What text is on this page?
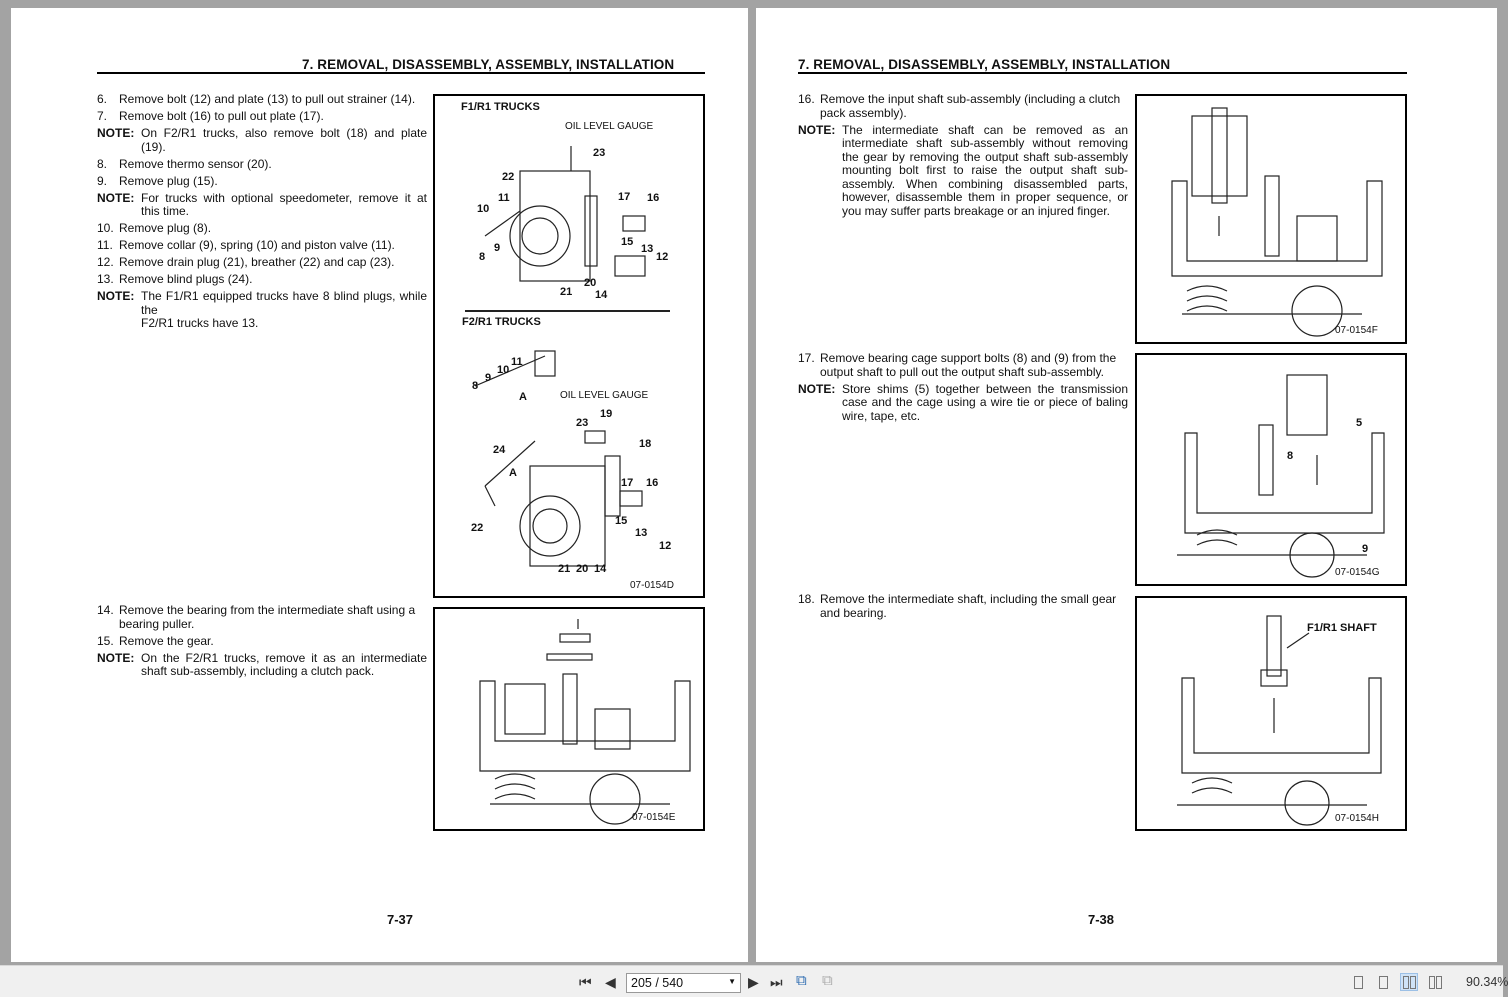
7. REMOVAL, DISASSEMBLY, ASSEMBLY, INSTALLATION
6. Remove bolt (12) and plate (13) to pull out strainer (14).
7. Remove bolt (16) to pull out plate (17).
NOTE: On F2/R1 trucks, also remove bolt (18) and plate (19).
8. Remove thermo sensor (20).
9. Remove plug (15).
NOTE: For trucks with optional speedometer, remove it at this time.
10. Remove plug (8).
11. Remove collar (9), spring (10) and piston valve (11).
12. Remove drain plug (21), breather (22) and cap (23).
13. Remove blind plugs (24).
NOTE: The F1/R1 equipped trucks have 8 blind plugs, while the
F2/R1 trucks have 13.
14. Remove the bearing from the intermediate shaft using a bearing puller.
15. Remove the gear.
NOTE: On the F2/R1 trucks, remove it as an intermediate shaft sub-assembly, including a clutch pack.
F1/R1 TRUCKS
OIL LEVEL GAUGE
F2/R1 TRUCKS
OIL LEVEL GAUGE
07-0154D
23
22
11	17 16
10
9
8
15
13
12
20
21 14
11
10
9
8
A
19
23
18
24
A
17 16
22
15
13
12
21 20 14
07-0154E
7-37
7. REMOVAL, DISASSEMBLY, ASSEMBLY, INSTALLATION
16. Remove the input shaft sub-assembly (including a clutch pack assembly).
NOTE: The intermediate shaft can be removed as an intermediate shaft sub-assembly without removing the gear by removing the output shaft sub-assembly mounting bolt first to raise the output shaft sub-assembly. When combining disassembled parts, however, disassemble them in proper sequence, or you may suffer parts breakage or an injured finger.
17. Remove bearing cage support bolts (8) and (9) from the output shaft to pull out the output shaft sub-assembly.
NOTE: Store shims (5) together between the transmission case and the cage using a wire tie or piece of baling wire, tape, etc.
18. Remove the intermediate shaft, including the small gear and bearing.
07-0154F
5
8
9
07-0154G
F1/R1 SHAFT
07-0154H
7-38
⏮ ◀	205 / 540	▼ ▶ ⏭ ⧉ ⧉	90.34%
